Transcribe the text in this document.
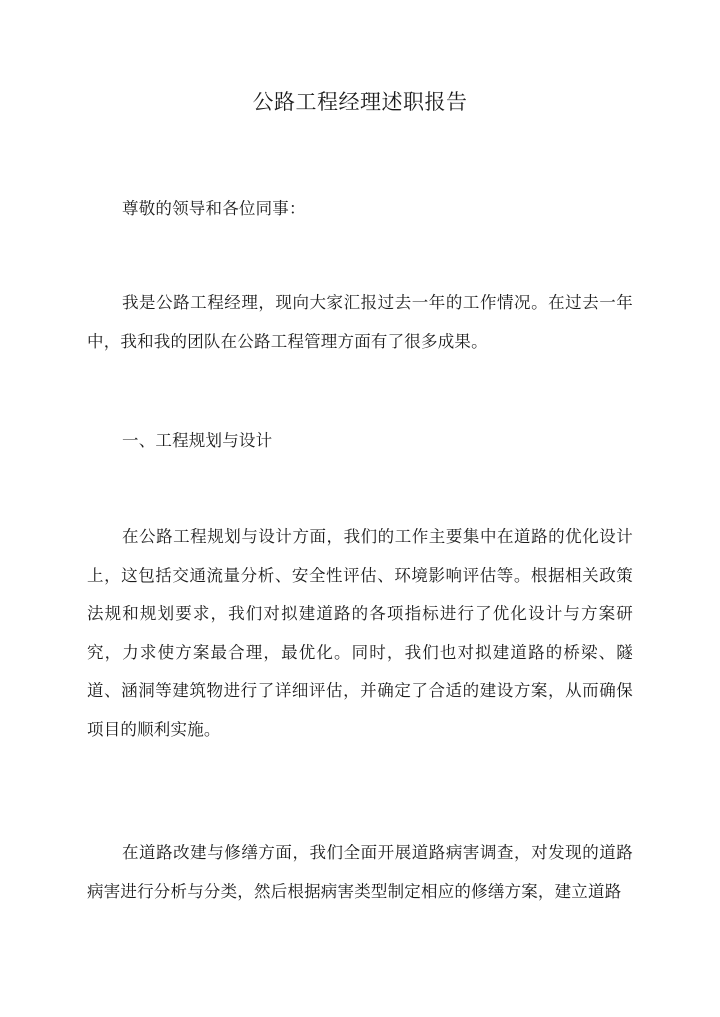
公路工程经理述职报告

尊敬的领导和各位同事：

我是公路工程经理，现向大家汇报过去一年的工作情况。在过去一年中，我和我的团队在公路工程管理方面有了很多成果。

一、工程规划与设计

在公路工程规划与设计方面，我们的工作主要集中在道路的优化设计上，这包括交通流量分析、安全性评估、环境影响评估等。根据相关政策法规和规划要求，我们对拟建道路的各项指标进行了优化设计与方案研究，力求使方案最合理，最优化。同时，我们也对拟建道路的桥梁、隧道、涵洞等建筑物进行了详细评估，并确定了合适的建设方案，从而确保项目的顺利实施。

在道路改建与修缮方面，我们全面开展道路病害调查，对发现的道路病害进行分析与分类，然后根据病害类型制定相应的修缮方案，建立道路
